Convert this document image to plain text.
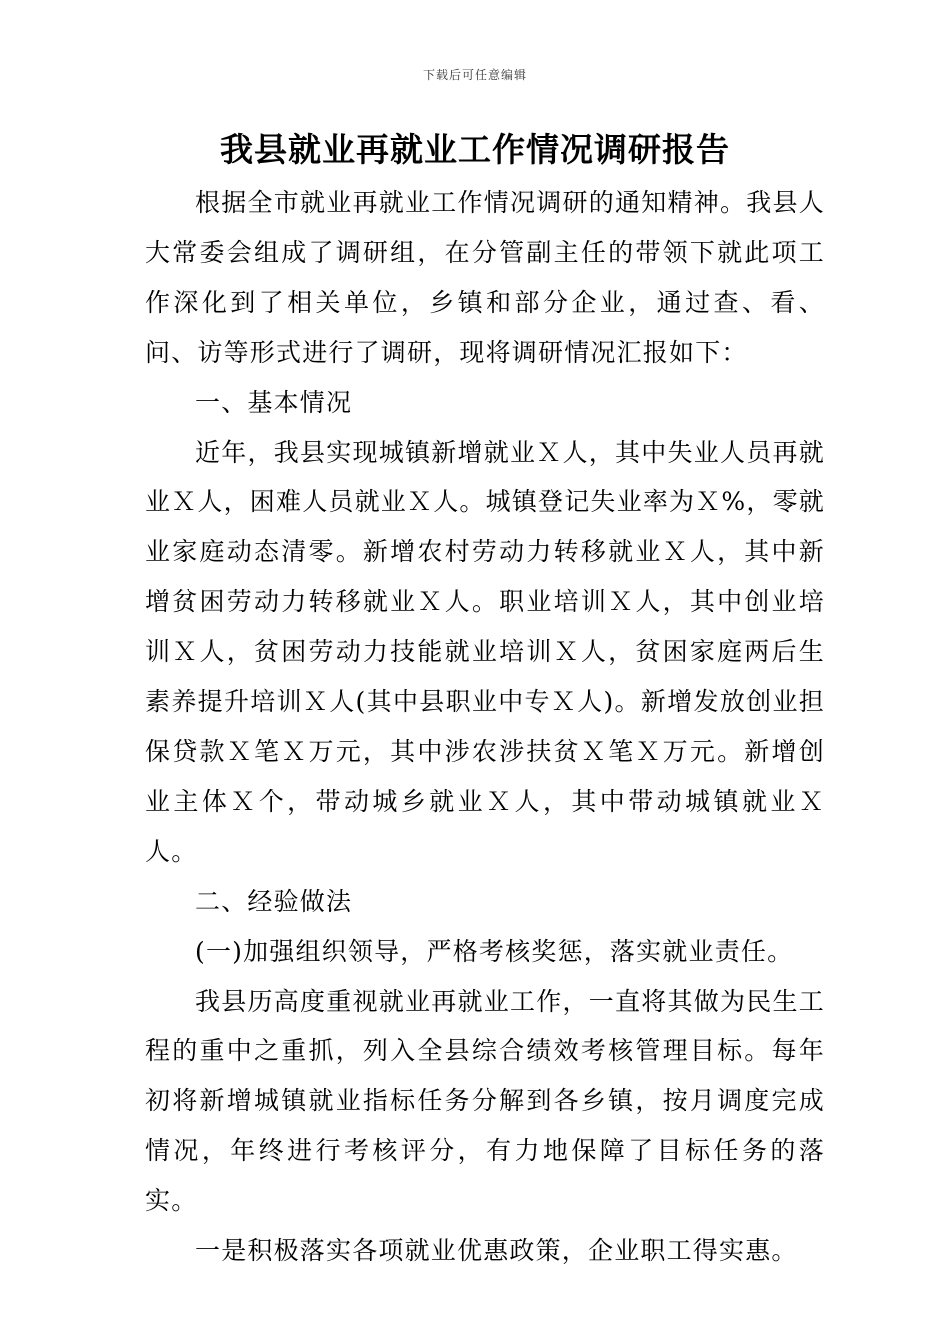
下载后可任意编辑
我县就业再就业工作情况调研报告

根据全市就业再就业工作情况调研的通知精神。我县人大常委会组成了调研组，在分管副主任的带领下就此项工作深化到了相关单位，乡镇和部分企业，通过查、看、问、访等形式进行了调研，现将调研情况汇报如下：

一、基本情况

近年，我县实现城镇新增就业Ｘ人，其中失业人员再就业Ｘ人，困难人员就业Ｘ人。城镇登记失业率为Ｘ%，零就业家庭动态清零。新增农村劳动力转移就业Ｘ人，其中新增贫困劳动力转移就业Ｘ人。职业培训Ｘ人，其中创业培训Ｘ人，贫困劳动力技能就业培训Ｘ人，贫困家庭两后生素养提升培训Ｘ人(其中县职业中专Ｘ人)。新增发放创业担保贷款Ｘ笔Ｘ万元，其中涉农涉扶贫Ｘ笔Ｘ万元。新增创业主体Ｘ个，带动城乡就业Ｘ人，其中带动城镇就业Ｘ人。

二、经验做法

(一)加强组织领导，严格考核奖惩，落实就业责任。

我县历高度重视就业再就业工作，一直将其做为民生工程的重中之重抓，列入全县综合绩效考核管理目标。每年初将新增城镇就业指标任务分解到各乡镇，按月调度完成情况，年终进行考核评分，有力地保障了目标任务的落实。

一是积极落实各项就业优惠政策，企业职工得实惠。
